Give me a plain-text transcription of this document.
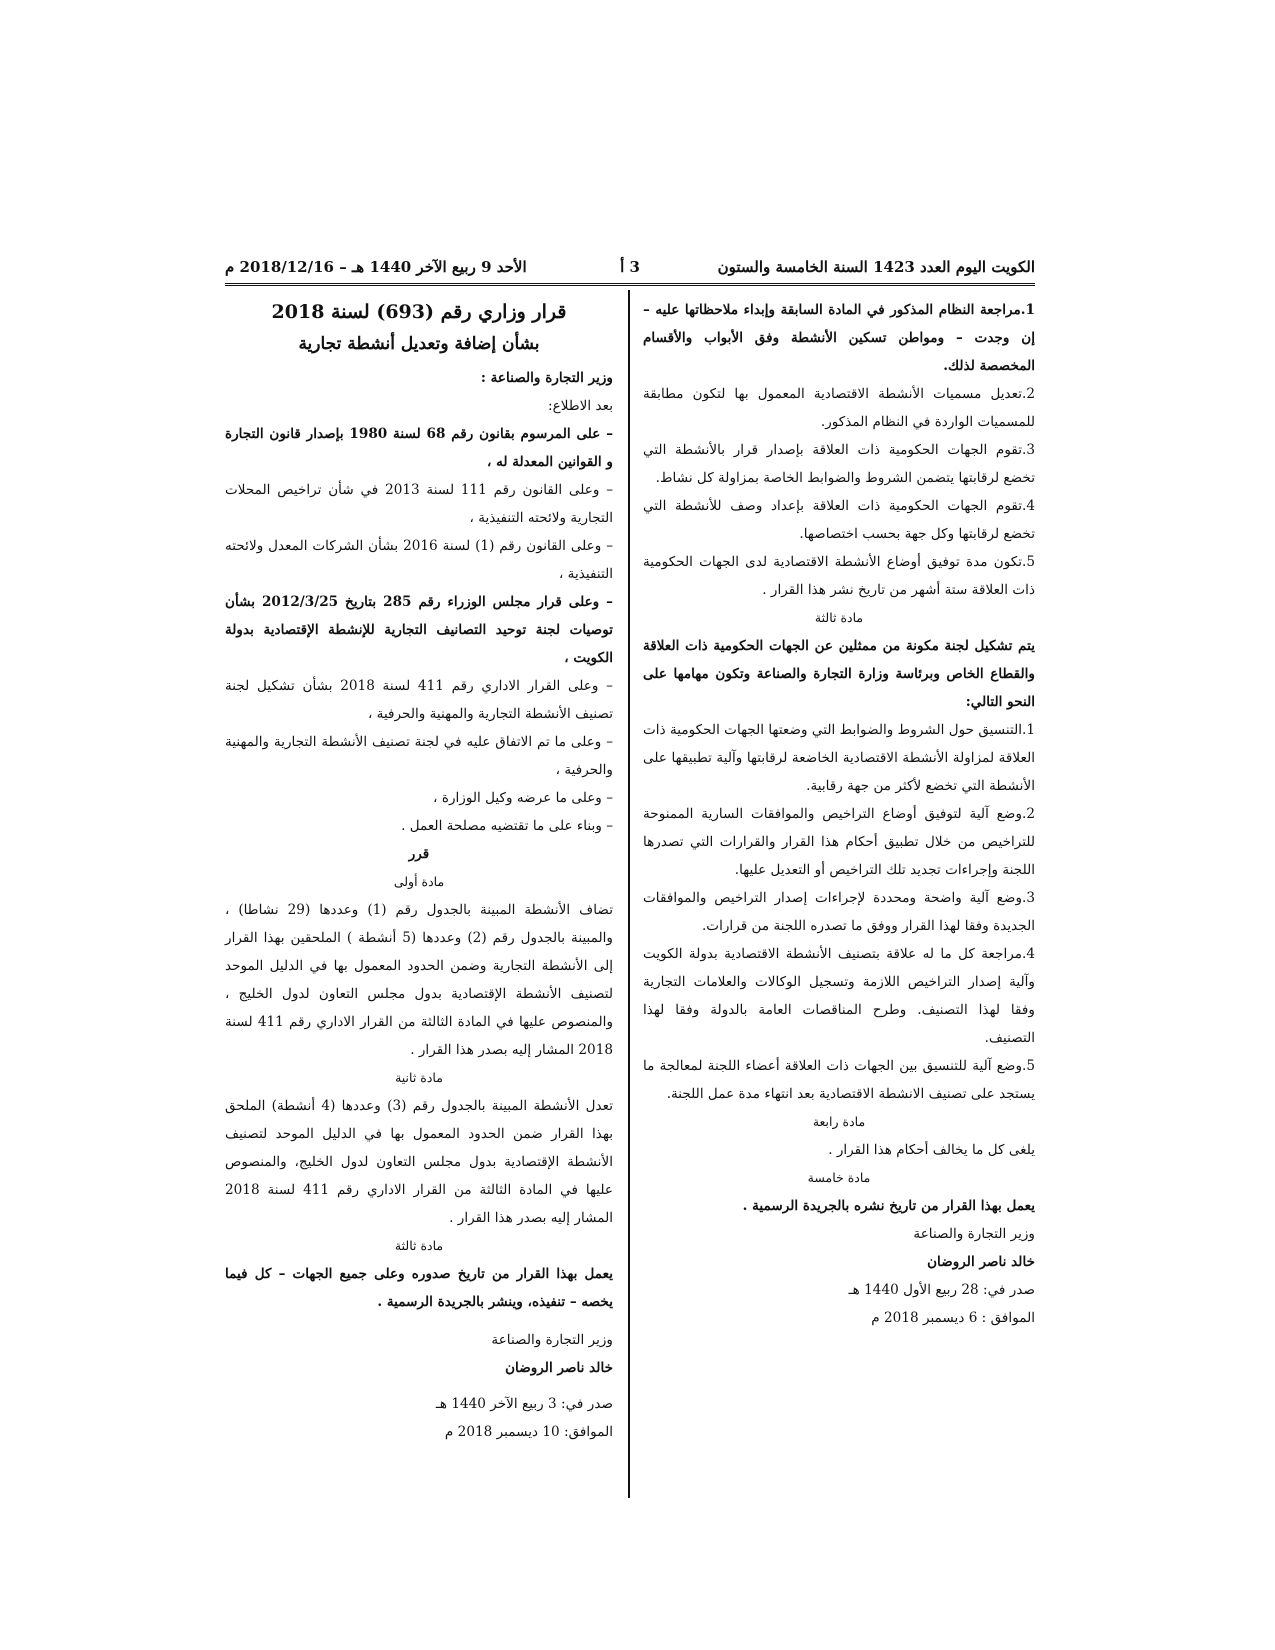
الكويت اليوم العدد 1423 السنة الخامسة والستون
3 أ
الأحد 9 ربيع الآخر 1440 هـ – 2018/12/16 م

1.مراجعة النظام المذكور في المادة السابقة وإبداء ملاحظاتها عليه – إن وجدت – ومواطن تسكين الأنشطة وفق الأبواب والأقسام المخصصة لذلك.

2.تعديل مسميات الأنشطة الاقتصادية المعمول بها لتكون مطابقة للمسميات الواردة في النظام المذكور.

3.تقوم الجهات الحكومية ذات العلاقة بإصدار قرار بالأنشطة التي تخضع لرقابتها يتضمن الشروط والضوابط الخاصة بمزاولة كل نشاط.

4.تقوم الجهات الحكومية ذات العلاقة بإعداد وصف للأنشطة التي تخضع لرقابتها وكل جهة بحسب اختصاصها.

5.تكون مدة توفيق أوضاع الأنشطة الاقتصادية لدى الجهات الحكومية ذات العلاقة ستة أشهر من تاريخ نشر هذا القرار .

مادة ثالثة

يتم تشكيل لجنة مكونة من ممثلين عن الجهات الحكومية ذات العلاقة والقطاع الخاص وبرئاسة وزارة التجارة والصناعة وتكون مهامها على النحو التالي:

1.التنسيق حول الشروط والضوابط التي وضعتها الجهات الحكومية ذات العلاقة لمزاولة الأنشطة الاقتصادية الخاضعة لرقابتها وآلية تطبيقها على الأنشطة التي تخضع لأكثر من جهة رقابية.

2.وضع آلية لتوفيق أوضاع التراخيص والموافقات السارية الممنوحة للتراخيص من خلال تطبيق أحكام هذا القرار والقرارات التي تصدرها اللجنة وإجراءات تجديد تلك التراخيص أو التعديل عليها.

3.وضع آلية واضحة ومحددة لإجراءات إصدار التراخيص والموافقات الجديدة وفقا لهذا القرار ووفق ما تصدره اللجنة من قرارات.

4.مراجعة كل ما له علاقة بتصنيف الأنشطة الاقتصادية بدولة الكويت وآلية إصدار التراخيص اللازمة وتسجيل الوكالات والعلامات التجارية وفقا لهذا التصنيف. وطرح المناقصات العامة بالدولة وفقا لهذا التصنيف.

5.وضع آلية للتنسيق بين الجهات ذات العلاقة أعضاء اللجنة لمعالجة ما يستجد على تصنيف الانشطة الاقتصادية بعد انتهاء مدة عمل اللجنة.

مادة رابعة

يلغى كل ما يخالف أحكام هذا القرار .

مادة خامسة

يعمل بهذا القرار من تاريخ نشره بالجريدة الرسمية .

وزير التجارة والصناعة

خالد ناصر الروضان

صدر في: 28 ربيع الأول 1440 هـ

الموافق : 6 ديسمبر 2018 م

قرار وزاري رقم (693) لسنة 2018

بشأن إضافة وتعديل أنشطة تجارية

وزير التجارة والصناعة :

بعد الاطلاع:

– على المرسوم بقانون رقم 68 لسنة 1980 بإصدار قانون التجارة و القوانين المعدلة له ،

– وعلى القانون رقم 111 لسنة 2013 في شأن تراخيص المحلات التجارية ولائحته التنفيذية ،

– وعلى القانون رقم (1) لسنة 2016 بشأن الشركات المعدل ولائحته التنفيذية ،

– وعلى قرار مجلس الوزراء رقم 285 بتاريخ 2012/3/25 بشأن توصيات لجنة توحيد التصانيف التجارية للإنشطة الإقتصادية بدولة الكويت ،

– وعلى القرار الاداري رقم 411 لسنة 2018 بشأن تشكيل لجنة تصنيف الأنشطة التجارية والمهنية والحرفية ،

– وعلى ما تم الاتفاق عليه في لجنة تصنيف الأنشطة التجارية والمهنية والحرفية ،

– وعلى ما عرضه وكيل الوزارة ،

– وبناء على ما تقتضيه مصلحة العمل .

قرر

مادة أولى

تضاف الأنشطة المبينة بالجدول رقم (1) وعددها (29 نشاطا) ، والمبينة بالجدول رقم (2) وعددها (5 أنشطة ) الملحقين بهذا القرار إلى الأنشطة التجارية وضمن الحدود المعمول بها في الدليل الموحد لتصنيف الأنشطة الإقتصادية بدول مجلس التعاون لدول الخليج ، والمنصوص عليها في المادة الثالثة من القرار الاداري رقم 411 لسنة 2018 المشار إليه بصدر هذا القرار .

مادة ثانية

تعدل الأنشطة المبينة بالجدول رقم (3) وعددها (4 أنشطة) الملحق بهذا القرار ضمن الحدود المعمول بها في الدليل الموحد لتصنيف الأنشطة الإقتصادية بدول مجلس التعاون لدول الخليج، والمنصوص عليها في المادة الثالثة من القرار الاداري رقم 411 لسنة 2018 المشار إليه بصدر هذا القرار .

مادة ثالثة

يعمل بهذا القرار من تاريخ صدوره وعلى جميع الجهات – كل فيما يخصه – تنفيذه، وينشر بالجريدة الرسمية .

وزير التجارة والصناعة

خالد ناصر الروضان

صدر في: 3 ربيع الآخر 1440 هـ

الموافق: 10 ديسمبر 2018 م
